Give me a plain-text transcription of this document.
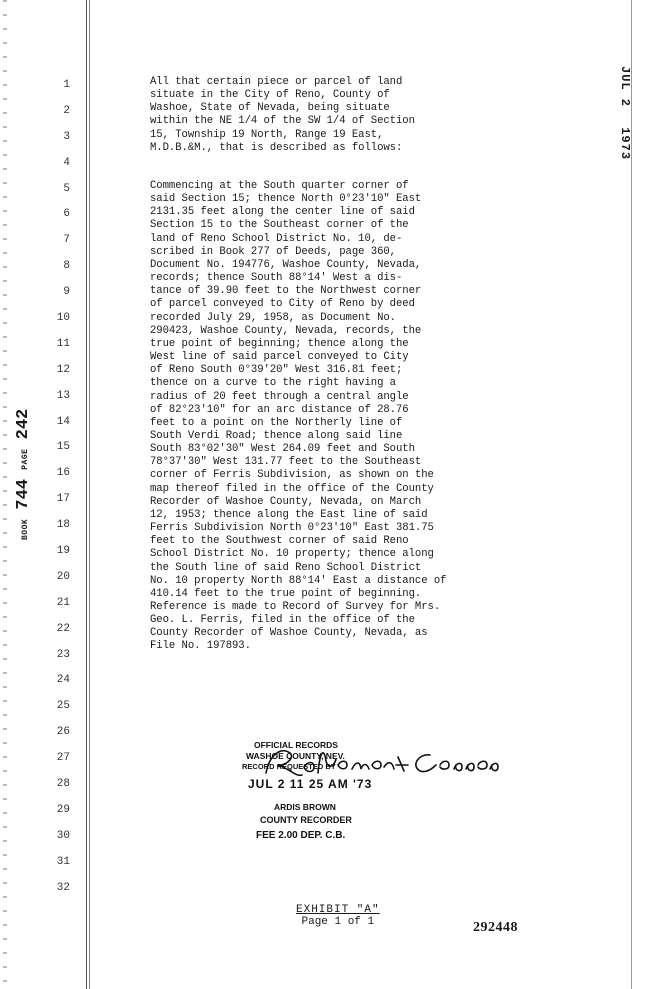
1
2
3
4
5
6
7
8
9
10
11
12
13
14
15
16
17
18
19
20
21
22
23
24
25
26
27
28
29
30
31
32

All that certain piece or parcel of land
situate in the City of Reno, County of
Washoe, State of Nevada, being situate
within the NE 1/4 of the SW 1/4 of Section
15, Township 19 North, Range 19 East,
M.D.B.&M., that is described as follows:

Commencing at the South quarter corner of
said Section 15; thence North 0°23'10" East
2131.35 feet along the center line of said
Section 15 to the Southeast corner of the
land of Reno School District No. 10, de-
scribed in Book 277 of Deeds, page 360,
Document No. 194776, Washoe County, Nevada,
records; thence South 88°14' West a dis-
tance of 39.90 feet to the Northwest corner
of parcel conveyed to City of Reno by deed
recorded July 29, 1958, as Document No.
290423, Washoe County, Nevada, records, the
true point of beginning; thence along the
West line of said parcel conveyed to City
of Reno South 0°39'20" West 316.81 feet;
thence on a curve to the right having a
radius of 20 feet through a central angle
of 82°23'10" for an arc distance of 28.76
feet to a point on the Northerly line of
South Verdi Road; thence along said line
South 83°02'30" West 264.09 feet and South
78°37'30" West 131.77 feet to the Southeast
corner of Ferris Subdivision, as shown on the
map thereof filed in the office of the County
Recorder of Washoe County, Nevada, on March
12, 1953; thence along the East line of said
Ferris Subdivision North 0°23'10" East 381.75
feet to the Southwest corner of said Reno
School District No. 10 property; thence along
the South line of said Reno School District
No. 10 property North 88°14' East a distance of
410.14 feet to the true point of beginning.
Reference is made to Record of Survey for Mrs.
Geo. L. Ferris, filed in the office of the
County Recorder of Washoe County, Nevada, as
File No. 197893.

BOOK 744 PAGE 242
JUL 2 1973
OFFICIAL RECORDS
WASHOE COUNTY, NEV.
RECORD REQUESTED BY
JUL 2 11 25 AM '73
ARDIS BROWN
COUNTY RECORDER
FEE 2.00 DEP. C.B.
EXHIBIT "A"
Page 1 of 1	292448
